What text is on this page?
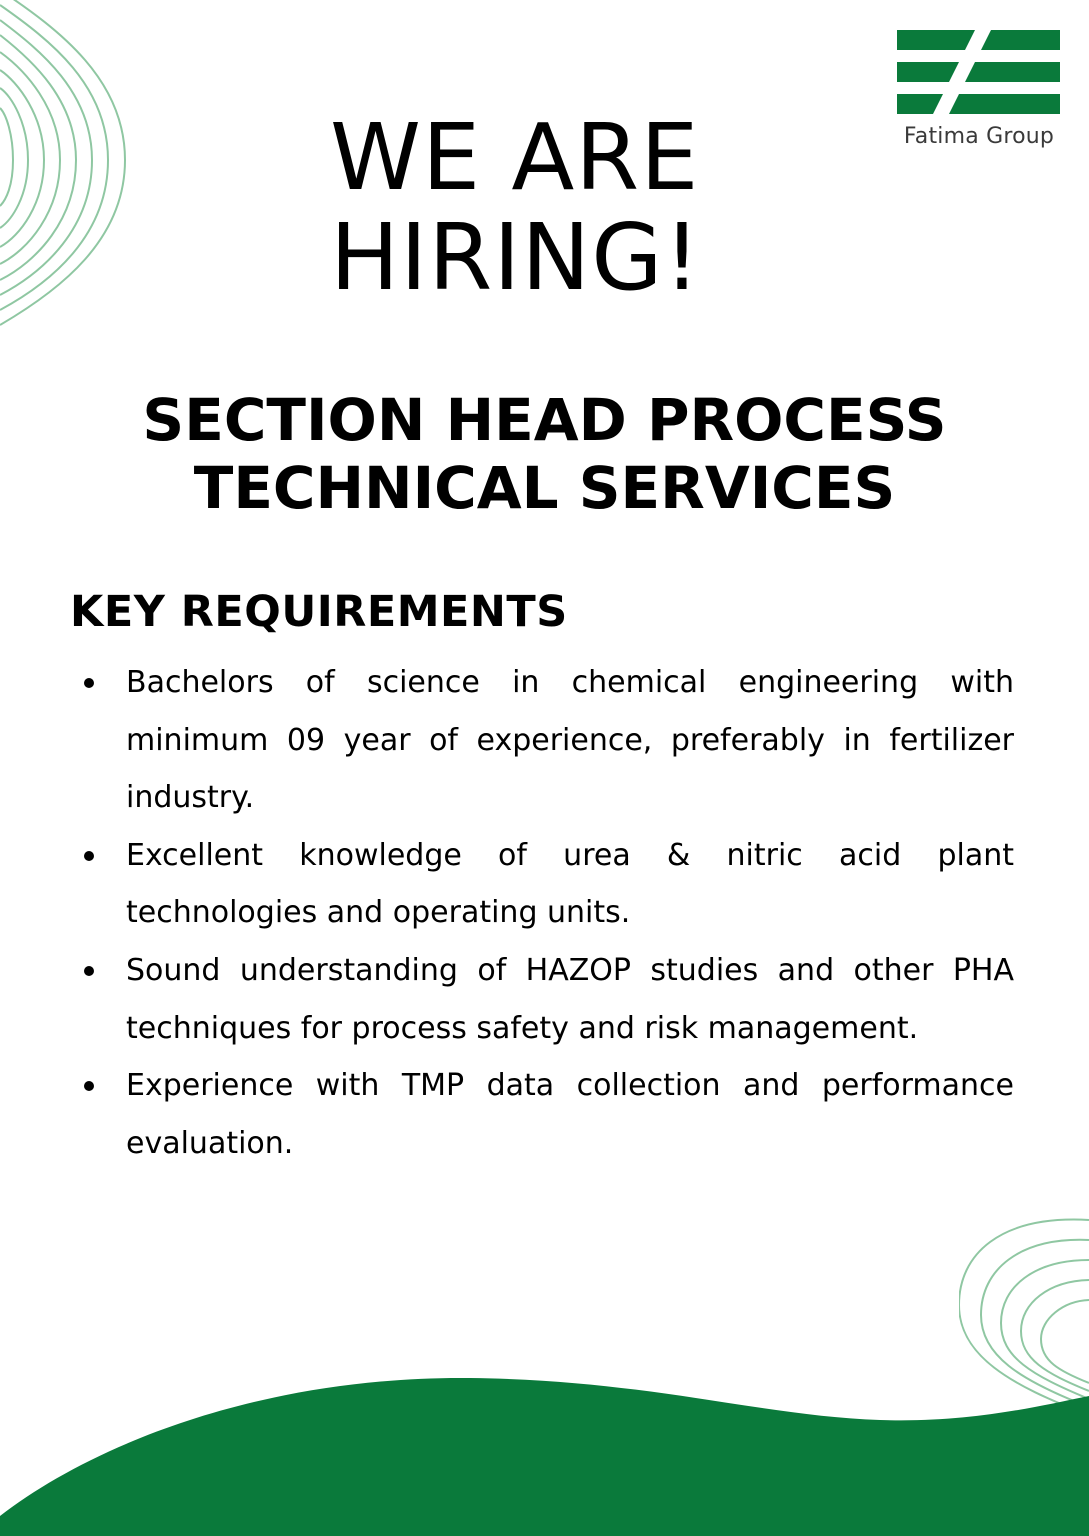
Fatima Group
WE ARE
HIRING!
SECTION HEAD PROCESS
TECHNICAL SERVICES
KEY REQUIREMENTS
Bachelors of science in chemical engineering with minimum 09 year of experience, preferably in fertilizer industry.
Excellent knowledge of urea & nitric acid plant technologies and operating units.
Sound understanding of HAZOP studies and other PHA techniques for process safety and risk management.
Experience with TMP data collection and performance evaluation.
